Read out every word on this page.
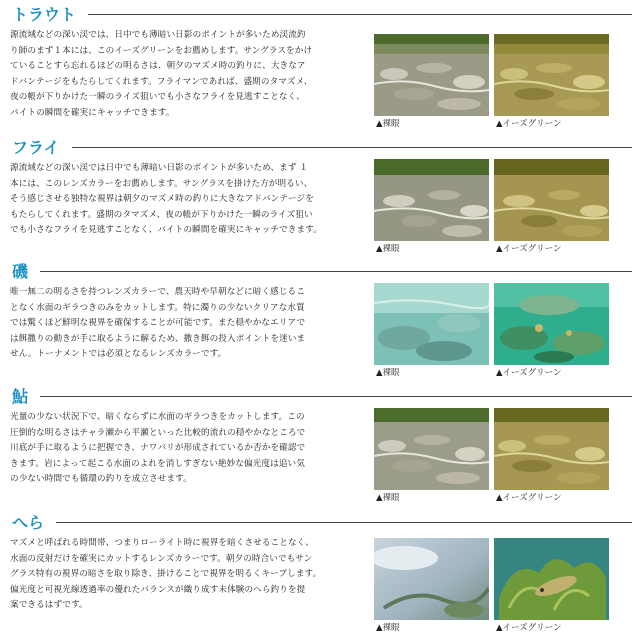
トラウト

源流域などの深い渓では、日中でも薄暗い日影のポイントが多いため渓流釣

り師のまず１本には、このイーズグリーンをお薦めします。サングラスをかけ

ていることすら忘れるほどの明るさは、朝夕のマズメ時の釣りに、大きなア

ドバンテージをもたらしてくれます。フライマンであれば、盛期のタマズメ、

夜の帳が下りかけた一瞬のライズ狙いでも小さなフライを見逃すことなく、

バイトの瞬間を確実にキャッチできます。

▲裸眼	▲イーズグリーン
フライ

源流域などの深い渓では日中でも薄暗い日影のポイントが多いため、まず １

本には、このレンズカラーをお薦めします。サングラスを掛けた方が明るい、

そう感じさせる独特な視界は朝夕のマズメ時の釣りに大きなアドバンテージを

もたらしてくれます。盛期のタマズメ、夜の帳が下りかけた一瞬のライズ狙い

でも小さなフライを見逃すことなく、バイトの瞬間を確実にキャッチできます。

▲裸眼	▲イーズグリーン
磯

唯一無二の明るさを持つレンズカラーで、農天時や早朝などに暗く感じるこ

となく水面のギラつきのみをカットします。特に濁りの少ないクリアな水質

では驚くほど鮮明な視界を確保することが可能です。また穏やかなエリアで

は餌撒りの動きが手に取るように解るため、撒き餌の投入ポイントを迷いま

せん。トーナメントでは必須となるレンズカラーです。

▲裸眼	▲イーズグリーン
鮎

光量の少ない状況下で、暗くならずに水面のギラつきをカットします。この

圧倒的な明るさはチャラ瀬から平瀬といった比較的流れの穏やかなところで

川底が手に取るように把握でき、ナワバリが形成されているか否かを確認で

きます。岩によって起こる水面のよれを消しすぎない絶妙な偏光度は追い気

の少ない時間でも循環の釣りを成立させます。

▲裸眼	▲イーズグリーン
へら

マズメと呼ばれる時間帯、つまりローライト時に視界を暗くさせることなく、

水面の反射だけを確実にカットするレンズカラーです。朝夕の時合いでもサン

グラス特有の視界の暗さを取り除き、掛けることで視界を明るくキープします。

偏光度と可視光線透過率の優れたバランスが織り成す未体験のへら釣りを提

案できるはずです。

▲裸眼	▲イーズグリーン
